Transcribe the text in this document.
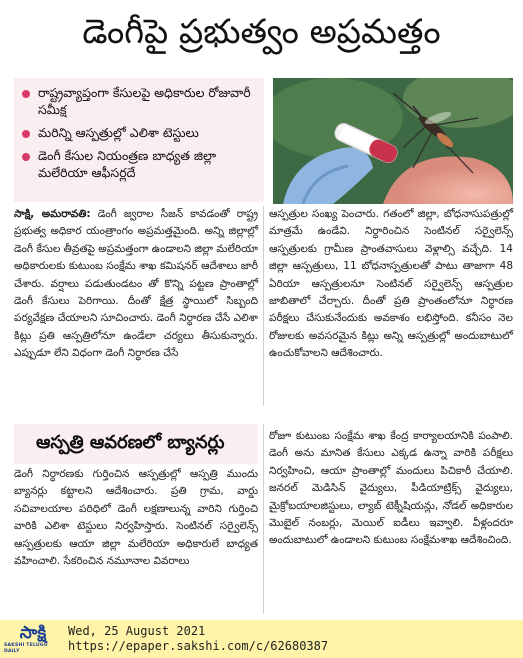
డెంగీపై ప్రభుత్వం అప్రమత్తం
రాష్ట్రవ్యాప్తంగా కేసులపై అధికారుల రోజువారీ సమీక్ష
మరిన్ని ఆస్పత్రుల్లో ఎలిశా టెస్టులు
డెంగీ కేసుల నియంత్రణ బాధ్యత జిల్లా మలేరియా ఆఫీసర్లదే
సాక్షి, అమరావతి: డెంగీ జ్వరాల సీజన్ కావడంతో రాష్ట్ర ప్రభుత్వ అధికార యంత్రాంగం అప్రమత్తమైంది. అన్ని జిల్లాల్లో డెంగీ కేసుల తీవ్రతపై అప్రమత్తంగా ఉండాలని జిల్లా మలేరియా అధికారులకు కుటుంబ సంక్షేమ శాఖ కమిషనర్ ఆదేశాలు జారీ చేశారు. వర్షాలు పడుతుండటం తో కొన్ని పట్టణ ప్రాంతాల్లో డెంగీ కేసులు పెరిగాయి. దీంతో క్షేత్ర స్థాయిలో సిబ్బంది పర్యవేక్షణ చేయాలని సూచించారు. డెంగీ నిర్ధారణ చేసే ఎలిశా కిట్లు ప్రతి ఆస్పత్రిలోనూ ఉండేలా చర్యలు తీసుకున్నారు. ఎప్పుడూ లేని విధంగా డెంగీ నిర్ధారణ చేసే
ఆస్పత్రుల సంఖ్య పెంచారు. గతంలో జిల్లా, బోధనాసుపత్రుల్లో మాత్రమే ఉండేవి. నిర్ధారించిన సెంటినల్ సర్వైలెన్స్ ఆస్పత్రులకు గ్రామీణ ప్రాంతవాసులు వెళ్లాల్సి వచ్చేది. 14 జిల్లా ఆస్పత్రులు, 11 బోధనాస్పత్రులతో పాటు తాజాగా 48 ఏరియా ఆస్పత్రులనూ సెంటినల్ సర్వైలెన్స్ ఆస్పత్రుల జాబితాలో చేర్చారు. దీంతో ప్రతి ప్రాంతంలోనూ నిర్ధారణ పరీక్షలు చేసుకునేందుకు అవకాశం లభిస్తోంది. కనీసం నెల రోజులకు అవసరమైన కిట్లు అన్ని ఆస్పత్రుల్లో అందుబాటులో ఉంచుకోవాలని ఆదేశించారు.
ఆస్పత్రి ఆవరణలో బ్యానర్లు
డెంగీ నిర్ధారణకు గుర్తించిన ఆస్పత్రుల్లో ఆస్పత్రి ముందు బ్యానర్లు కట్టాలని ఆదేశించారు. ప్రతి గ్రామ, వార్డు సచివాలయాల పరిధిలో డెంగీ లక్షణాలున్న వారిని గుర్తించి వారికి ఎలిశా టెస్టులు నిర్వహిస్తారు. సెంటినల్ సర్వైలెన్స్ ఆస్పత్రులకు ఆయా జిల్లా మలేరియా అధికారులే బాధ్యత వహించాలి. సేకరించిన నమూనాల వివరాలు
రోజూ కుటుంబ సంక్షేమ శాఖ కేంద్ర కార్యాలయానికి పంపాలి. డెంగీ అను మానిత కేసులు ఎక్కడ ఉన్నా వారికి పరీక్షలు నిర్వహించి, ఆయా ప్రాంతాల్లో మందులు పిచికారీ చేయాలి. జనరల్ మెడిసిన్ వైద్యులు, పీడియాట్రిక్స్ వైద్యులు, మైక్రోబయాలజిస్టులు, ల్యాబ్ టెక్నీషియన్లు, నోడల్ అధికారుల మొబైల్ నంబర్లు, మెయిల్ ఐడీలు ఇవ్వాలి. వీళ్లందరూ అందుబాటులో ఉండాలని కుటుంబ సంక్షేమశాఖ ఆదేశించింది.
సాక్షి
SAKSHI TELUGU DAILY
Wed, 25 August 2021
https://epaper.sakshi.com/c/62680387
